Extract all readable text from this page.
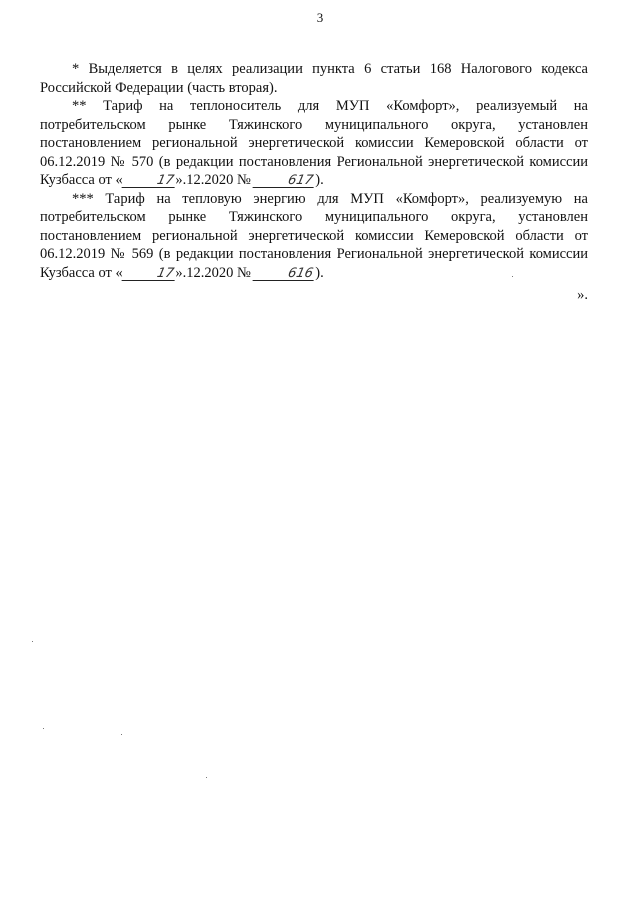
3

* Выделяется в целях реализации пункта 6 статьи 168 Налогового кодекса Российской Федерации (часть вторая).

** Тариф на теплоноситель для МУП «Комфорт», реализуемый на потребительском рынке Тяжинского муниципального округа, установлен постановлением региональной энергетической комиссии Кемеровской области от 06.12.2019 № 570 (в редакции постановления Региональной энергетической комиссии Кузбасса от «	17».12.2020 №	617).

*** Тариф на тепловую энергию для МУП «Комфорт», реализуемую на потребительском рынке Тяжинского муниципального округа, установлен постановлением региональной энергетической комиссии Кемеровской области от 06.12.2019 № 569 (в редакции постановления Региональной энергетической комиссии Кузбасса от «	17».12.2020 №	616).

».
